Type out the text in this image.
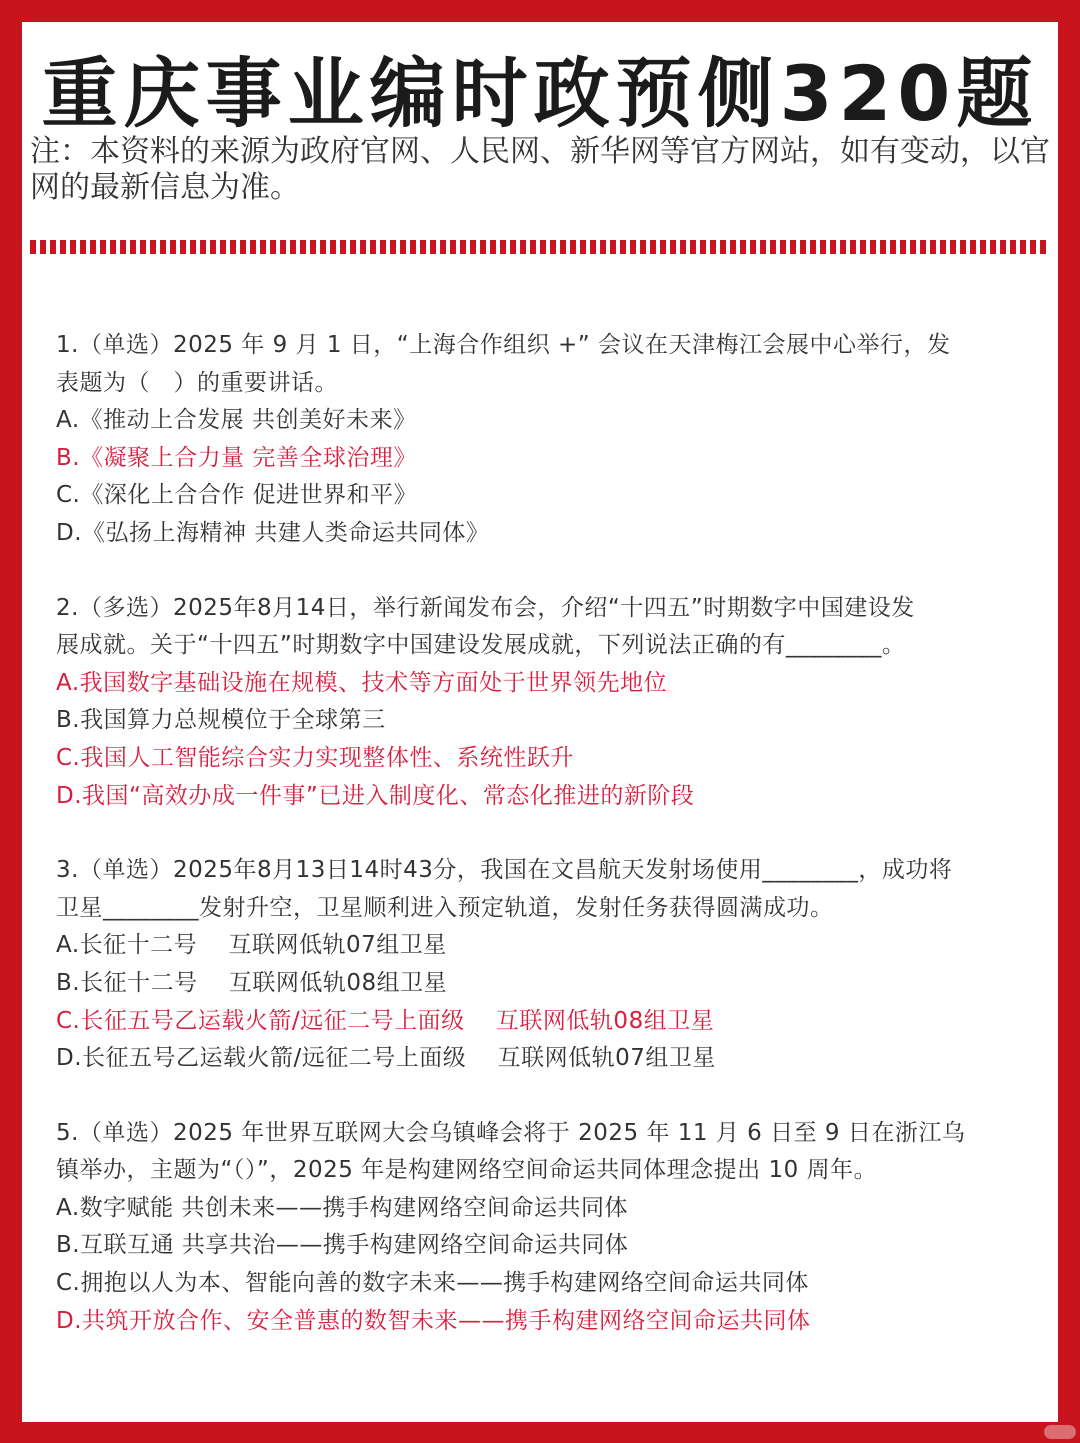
重庆事业编时政预侧320题
注：本资料的来源为政府官网、人民网、新华网等官方网站，如有变动，以官网的最新信息为准。
1.（单选）2025 年 9 月 1 日，“上海合作组织 +” 会议在天津梅江会展中心举行，发
表题为（　）的重要讲话。
A.《推动上合发展 共创美好未来》
B.《凝聚上合力量 完善全球治理》
C.《深化上合合作 促进世界和平》
D.《弘扬上海精神 共建人类命运共同体》
2.（多选）2025年8月14日，举行新闻发布会，介绍“十四五”时期数字中国建设发
展成就。关于“十四五”时期数字中国建设发展成就，下列说法正确的有________。
A.我国数字基础设施在规模、技术等方面处于世界领先地位
B.我国算力总规模位于全球第三
C.我国人工智能综合实力实现整体性、系统性跃升
D.我国“高效办成一件事”已进入制度化、常态化推进的新阶段
3.（单选）2025年8月13日14时43分，我国在文昌航天发射场使用________，成功将
卫星________发射升空，卫星顺利进入预定轨道，发射任务获得圆满成功。
A.长征十二号　 互联网低轨07组卫星
B.长征十二号　 互联网低轨08组卫星
C.长征五号乙运载火箭/远征二号上面级　 互联网低轨08组卫星
D.长征五号乙运载火箭/远征二号上面级　 互联网低轨07组卫星
5.（单选）2025 年世界互联网大会乌镇峰会将于 2025 年 11 月 6 日至 9 日在浙江乌
镇举办，主题为“（）”，2025 年是构建网络空间命运共同体理念提出 10 周年。
A.数字赋能 共创未来——携手构建网络空间命运共同体
B.互联互通 共享共治——携手构建网络空间命运共同体
C.拥抱以人为本、智能向善的数字未来——携手构建网络空间命运共同体
D.共筑开放合作、安全普惠的数智未来——携手构建网络空间命运共同体
